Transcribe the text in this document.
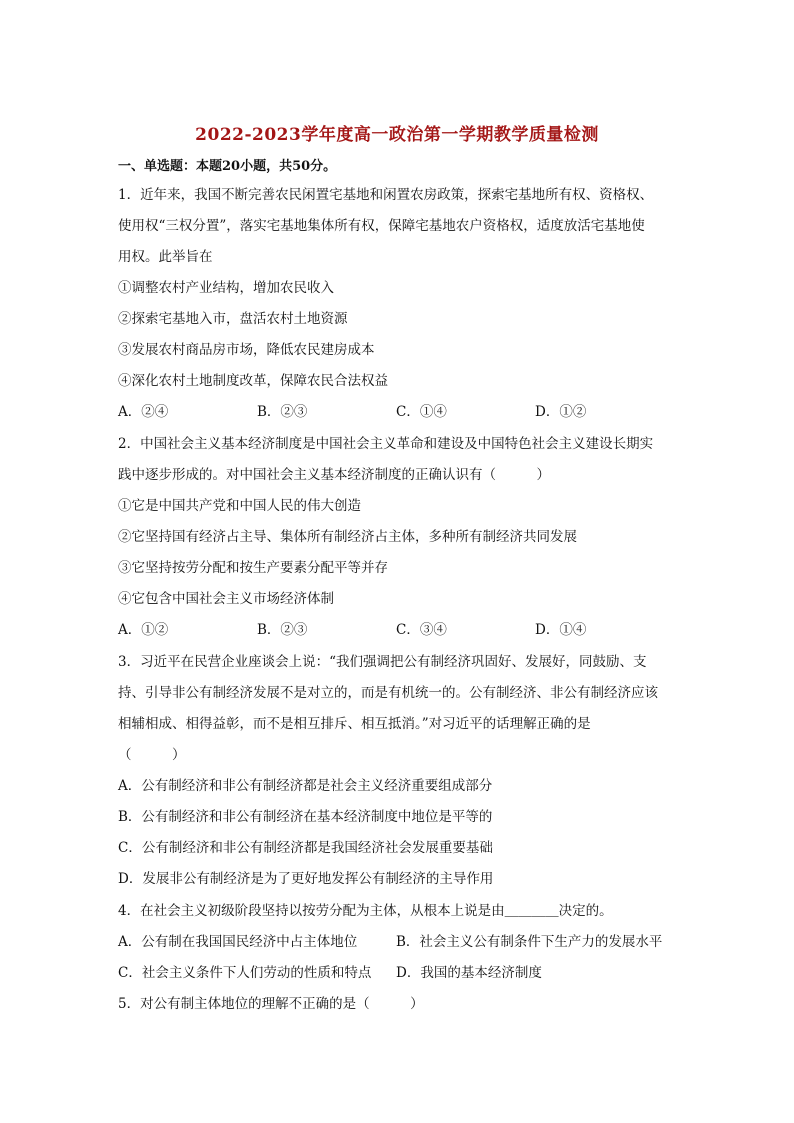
2022-2023学年度高一政治第一学期教学质量检测
一、单选题：本题20小题，共50分。
1．近年来，我国不断完善农民闲置宅基地和闲置农房政策，探索宅基地所有权、资格权、
使用权“三权分置”，落实宅基地集体所有权，保障宅基地农户资格权，适度放活宅基地使
用权。此举旨在
①调整农村产业结构，增加农民收入
②探索宅基地入市，盘活农村土地资源
③发展农村商品房市场，降低农民建房成本
④深化农村土地制度改革，保障农民合法权益
A．②④	B．②③	C．①④	D．①②
2．中国社会主义基本经济制度是中国社会主义革命和建设及中国特色社会主义建设长期实
践中逐步形成的。对中国社会主义基本经济制度的正确认识有（　　　）
①它是中国共产党和中国人民的伟大创造
②它坚持国有经济占主导、集体所有制经济占主体，多种所有制经济共同发展
③它坚持按劳分配和按生产要素分配平等并存
④它包含中国社会主义市场经济体制
A．①②	B．②③	C．③④	D．①④
3．习近平在民营企业座谈会上说：“我们强调把公有制经济巩固好、发展好，同鼓励、支
持、引导非公有制经济发展不是对立的，而是有机统一的。公有制经济、非公有制经济应该
相辅相成、相得益彰，而不是相互排斥、相互抵消。”对习近平的话理解正确的是
（　　　）
A．公有制经济和非公有制经济都是社会主义经济重要组成部分
B．公有制经济和非公有制经济在基本经济制度中地位是平等的
C．公有制经济和非公有制经济都是我国经济社会发展重要基础
D．发展非公有制经济是为了更好地发挥公有制经济的主导作用
4．在社会主义初级阶段坚持以按劳分配为主体，从根本上说是由＿＿＿＿决定的。
A．公有制在我国国民经济中占主体地位	B．社会主义公有制条件下生产力的发展水平
C．社会主义条件下人们劳动的性质和特点 D．我国的基本经济制度
5．对公有制主体地位的理解不正确的是（　　　）
